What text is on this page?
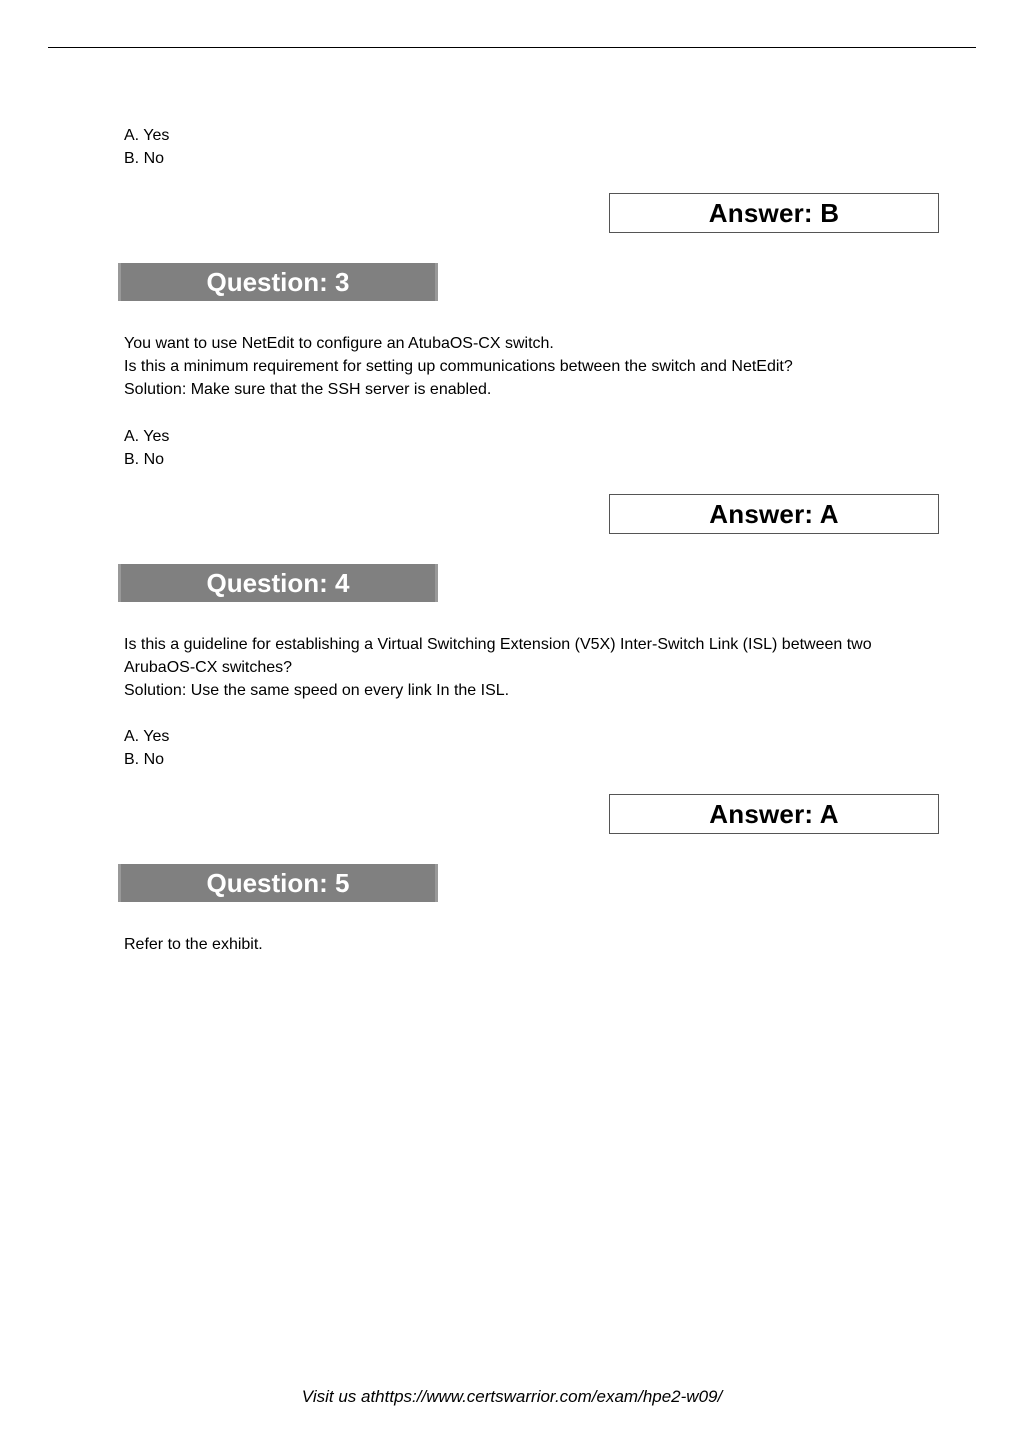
A. Yes
B. No
Answer: B
Question: 3
You want to use NetEdit to configure an AtubaOS-CX switch.
Is this a minimum requirement for setting up communications between the switch and NetEdit?
Solution: Make sure that the SSH server is enabled.
A. Yes
B. No
Answer: A
Question: 4
Is this a guideline for establishing a Virtual Switching Extension (V5X) Inter-Switch Link (ISL) between two
ArubaOS-CX switches?
Solution: Use the same speed on every link In the ISL.
A. Yes
B. No
Answer: A
Question: 5
Refer to the exhibit.
Visit us athttps://www.certswarrior.com/exam/hpe2-w09/
